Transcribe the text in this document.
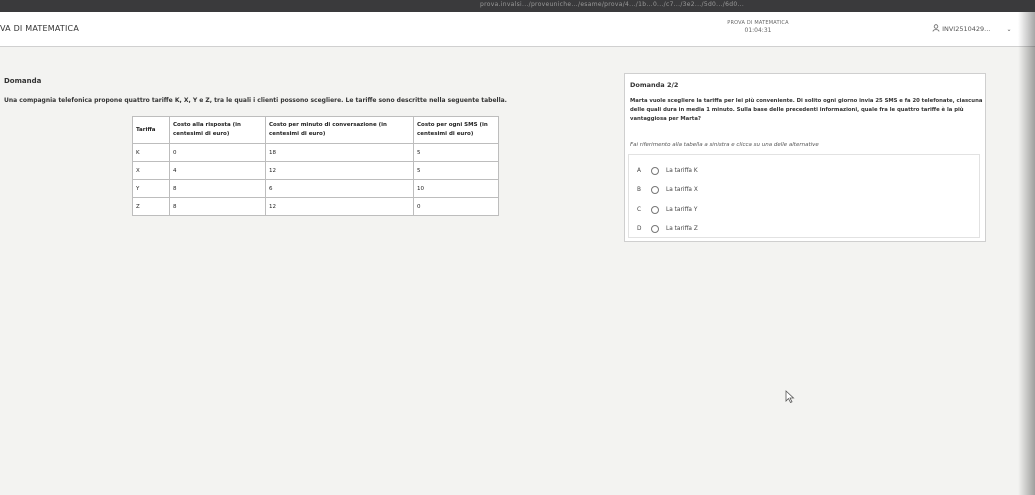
prova.invalsi.../proveuniche.../esame/prova/4.../1b...0.../c7.../3e2.../5d0.../6d0...
VA DI MATEMATICA
PROVA DI MATEMATICA
01:04:31	INVI2510429...	⌄
Domanda
Una compagnia telefonica propone quattro tariffe K, X, Y e Z, tra le quali i clienti possono scegliere. Le tariffe sono descritte nella seguente tabella.
Tariffa	Costo alla risposta (in centesimi di euro)	Costo per minuto di conversazione (in centesimi di euro)	Costo per ogni SMS (in centesimi di euro)
K	0	18	5
X	4	12	5
Y	8	6	10
Z	8	12	0
Domanda 2/2
Marta vuole scegliere la tariffa per lei più conveniente. Di solito ogni giorno invia 25 SMS e fa 20 telefonate, ciascuna delle quali dura in media 1 minuto. Sulla base delle precedenti informazioni, quale fra le quattro tariffe è la più vantaggiosa per Marta?
Fai riferimento alla tabella a sinistra e clicca su una delle alternative
A	La tariffa K
B	La tariffa X
C	La tariffa Y
D	La tariffa Z
